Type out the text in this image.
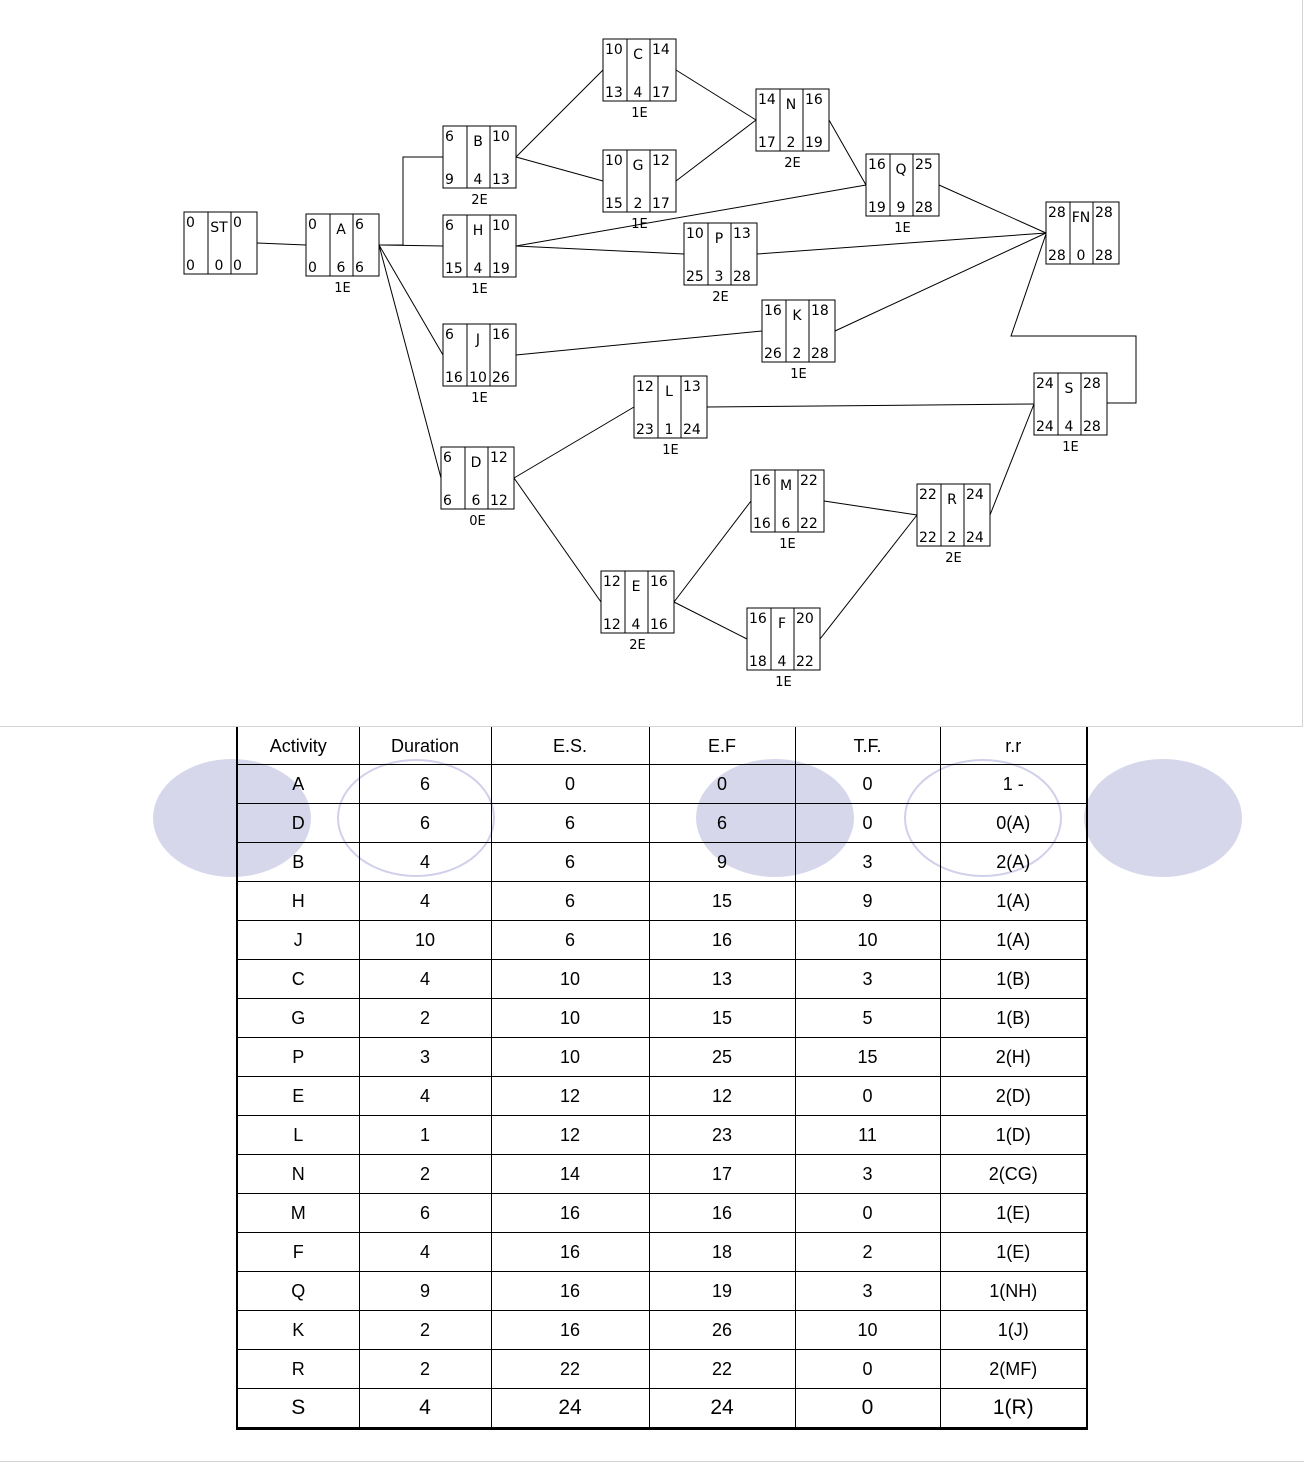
0 ST 0
0 0 0
0 A 6
0 6 6
1E
6 B 10
9 4 13
2E
6 H 10
15 4 19
1E
6 J 16
16 10 26
1E
6 D 12
6 6 12
0E
10 C 14
13 4 17
1E
10 G 12
15 2 17
1E
14 N 16
17 2 19
2E
10 P 13
25 3 28
2E
16 Q 25
19 9 28
1E
28 FN 28
28 0 28
16 K 18
26 2 28
1E
12 L 13
23 1 24
1E
24 S 28
24 4 28
1E
16 M 22
16 6 22
1E
22 R 24
22 2 24
2E
12 E 16
12 4 16
2E
16 F 20
18 4 22
1E
Activity	Duration	E.S.	E.F	T.F.	r.r
A	6	0	0	0	1 -
D	6	6	6	0	0(A)
B	4	6	9	3	2(A)
H	4	6	15	9	1(A)
J	10	6	16	10	1(A)
C	4	10	13	3	1(B)
G	2	10	15	5	1(B)
P	3	10	25	15	2(H)
E	4	12	12	0	2(D)
L	1	12	23	11	1(D)
N	2	14	17	3	2(CG)
M	6	16	16	0	1(E)
F	4	16	18	2	1(E)
Q	9	16	19	3	1(NH)
K	2	16	26	10	1(J)
R	2	22	22	0	2(MF)
S	4	24	24	0	1(R)
